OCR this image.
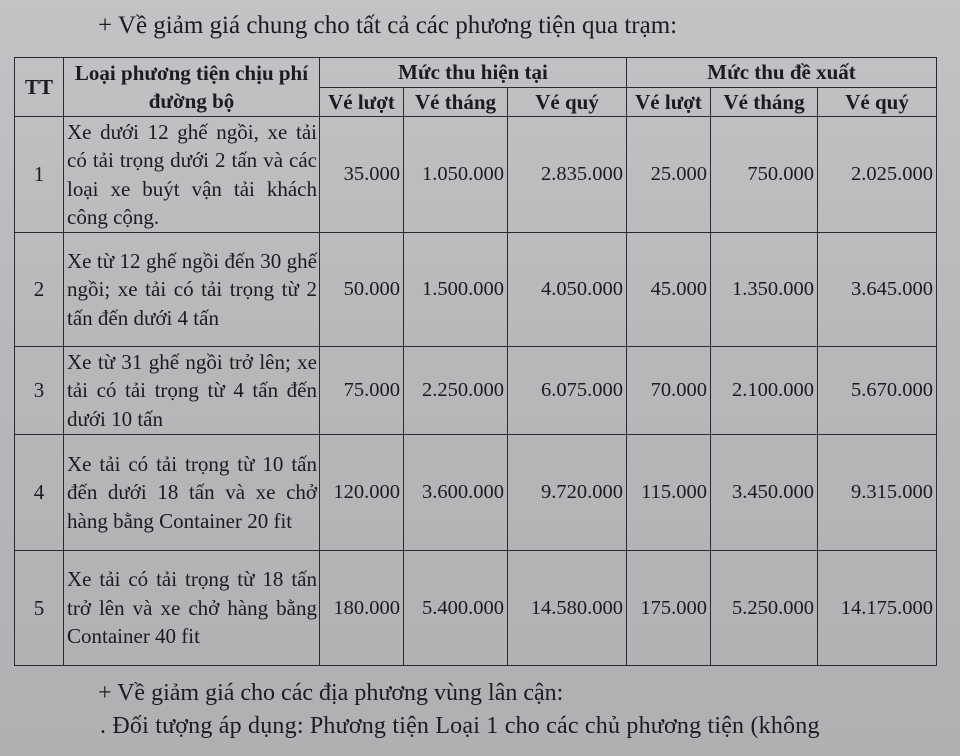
+ Về giảm giá chung cho tất cả các phương tiện qua trạm:
TT	Loại phương tiện chịu phí đường bộ	Mức thu hiện tại			Mức thu đề xuất		
		Vé lượt	Vé tháng	Vé quý	Vé lượt	Vé tháng	Vé quý
1	Xe dưới 12 ghế ngồi, xe tải có tải trọng dưới 2 tấn và các loại xe buýt vận tải khách công cộng.	35.000	1.050.000	2.835.000	25.000	750.000	2.025.000
2	Xe từ 12 ghế ngồi đến 30 ghế ngồi; xe tải có tải trọng từ 2 tấn đến dưới 4 tấn	50.000	1.500.000	4.050.000	45.000	1.350.000	3.645.000
3	Xe từ 31 ghế ngồi trở lên; xe tải có tải trọng từ 4 tấn đến dưới 10 tấn	75.000	2.250.000	6.075.000	70.000	2.100.000	5.670.000
4	Xe tải có tải trọng từ 10 tấn đến dưới 18 tấn và xe chở hàng bằng Container 20 fit	120.000	3.600.000	9.720.000	115.000	3.450.000	9.315.000
5	Xe tải có tải trọng từ 18 tấn trở lên và xe chở hàng bằng Container 40 fit	180.000	5.400.000	14.580.000	175.000	5.250.000	14.175.000
+ Về giảm giá cho các địa phương vùng lân cận:
. Đối tượng áp dụng: Phương tiện Loại 1 cho các chủ phương tiện (không
